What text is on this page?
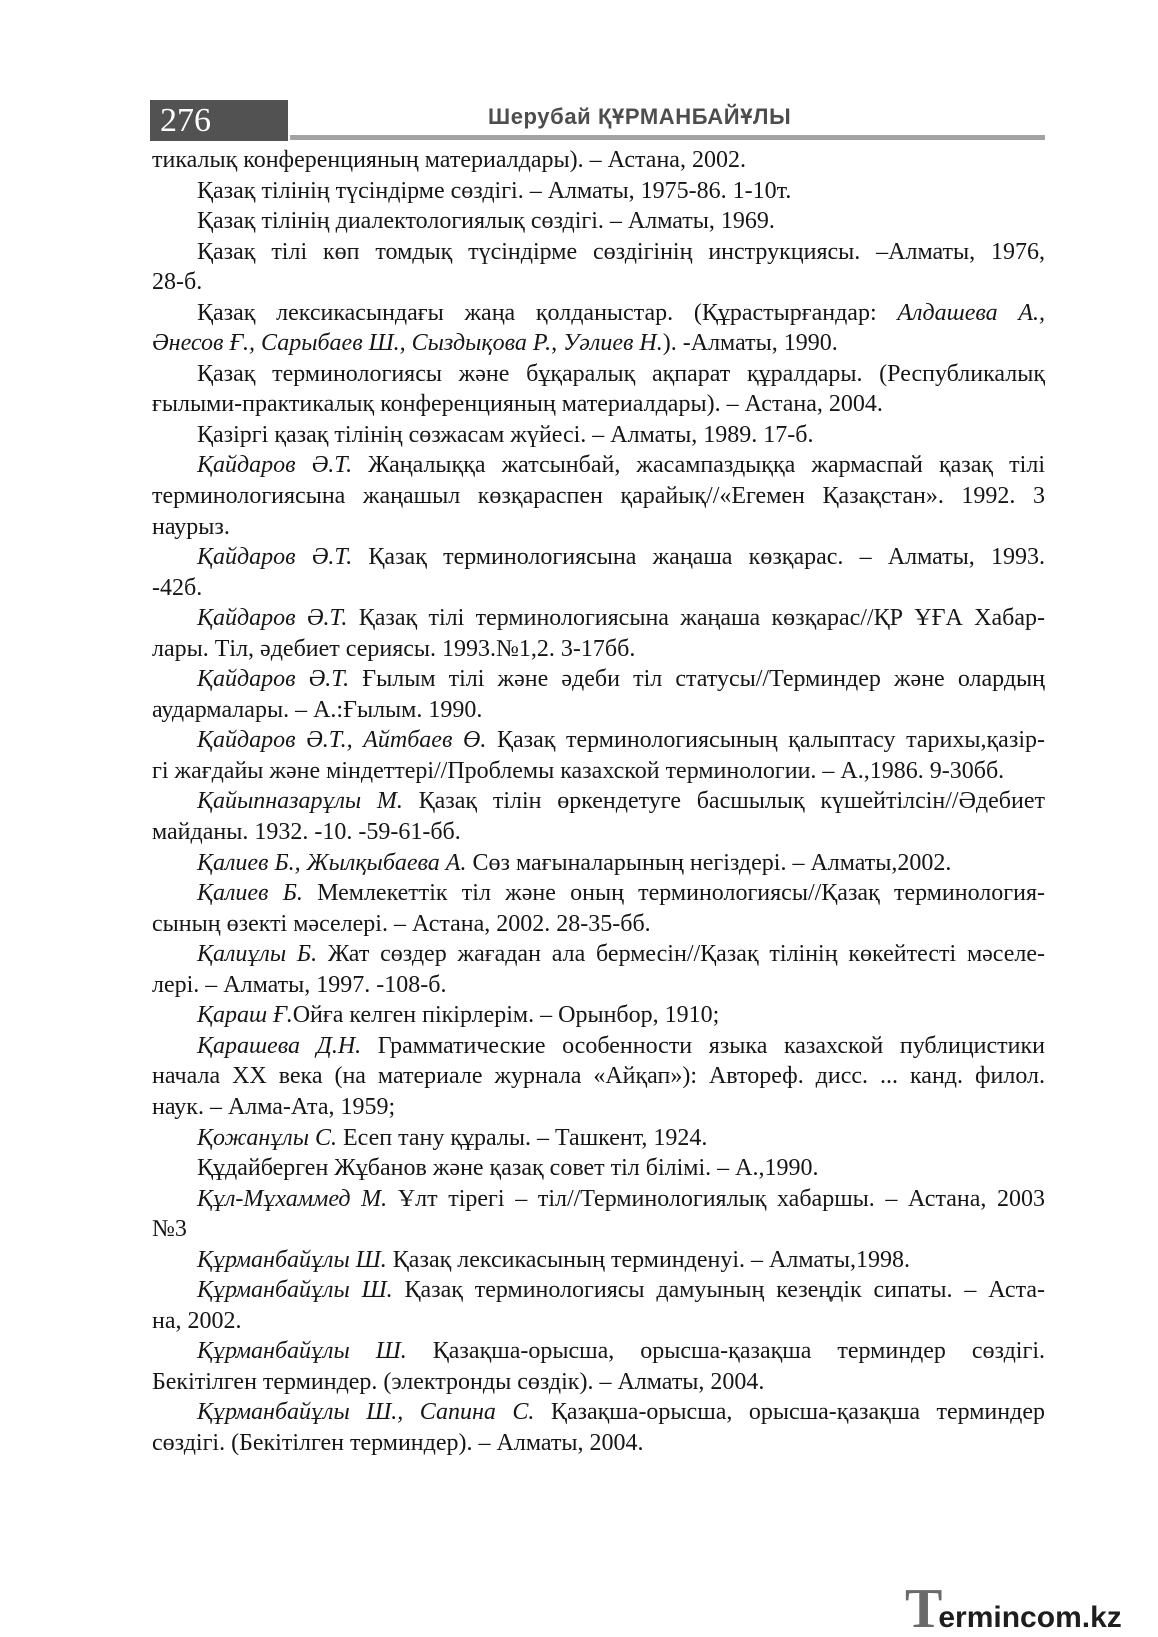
276	Шерубай ҚҰРМАНБАЙҰЛЫ
тикалық конференцияның материалдары). – Астана, 2002.
Қазақ тілінің түсіндірме сөздігі. – Алматы, 1975-86. 1-10т.
Қазақ тілінің диалектологиялық сөздігі. – Алматы, 1969.
Қазақ тілі көп томдық түсіндірме сөздігінің инструкциясы. –Алматы, 1976,
28-б.
Қазақ лексикасындағы жаңа қолданыстар. (Құрастырғандар: Алдашева А.,
Әнесов Ғ., Сарыбаев Ш., Сыздықова Р., Уәлиев Н.). -Алматы, 1990.
Қазақ терминологиясы және бұқаралық ақпарат құралдары. (Республикалық
ғылыми-практикалық конференцияның материалдары). – Астана, 2004.
Қазіргі қазақ тілінің сөзжасам жүйесі. – Алматы, 1989. 17-б.
Қайдаров Ә.Т. Жаңалыққа жатсынбай, жасампаздыққа жармаспай қазақ тілі
терминологиясына жаңашыл көзқараспен қарайық//«Егемен Қазақстан». 1992. 3
наурыз.
Қайдаров Ә.Т. Қазақ терминологиясына жаңаша көзқарас. – Алматы, 1993.
-42б.
Қайдаров Ә.Т. Қазақ тілі терминологиясына жаңаша көзқарас//ҚР ҰҒА Хабар-
лары. Тіл, әдебиет сериясы. 1993.№1,2. 3-17бб.
Қайдаров Ә.Т. Ғылым тілі және әдеби тіл статусы//Терминдер және олардың
аудармалары. – А.:Ғылым. 1990.
Қайдаров Ә.Т., Айтбаев Ө. Қазақ терминологиясының қалыптасу тарихы,қазір-
гі жағдайы және міндеттері//Проблемы казахской терминологии. – А.,1986. 9-30бб.
Қайыпназарұлы М. Қазақ тілін өркендетуге басшылық күшейтілсін//Әдебиет
майданы. 1932. -10. -59-61-бб.
Қалиев Б., Жылқыбаева А. Сөз мағыналарының негіздері. – Алматы,2002.
Қалиев Б. Мемлекеттік тіл және оның терминологиясы//Қазақ терминология-
сының өзекті мәселері. – Астана, 2002. 28-35-бб.
Қалиұлы Б. Жат сөздер жағадан ала бермесін//Қазақ тілінің көкейтесті мәселе-
лері. – Алматы, 1997. -108-б.
Қараш Ғ.Ойға келген пікірлерім. – Орынбор, 1910;
Қарашева Д.Н. Грамматические особенности языка казахской публицистики
начала XX века (на материале журнала «Айқап»): Автореф. дисс. ... канд. филол.
наук. – Алма-Ата, 1959;
Қожанұлы С. Есеп тану құралы. – Ташкент, 1924.
Құдайберген Жұбанов және қазақ совет тіл білімі. – А.,1990.
Құл-Мұхаммед М. Ұлт тірегі – тіл//Терминологиялық хабаршы. – Астана, 2003
№3
Құрманбайұлы Ш. Қазақ лексикасының терминденуі. – Алматы,1998.
Құрманбайұлы Ш. Қазақ терминологиясы дамуының кезеңдік сипаты. – Аста-
на, 2002.
Құрманбайұлы Ш. Қазақша-орысша, орысша-қазақша терминдер сөздігі.
Бекітілген терминдер. (электронды сөздік). – Алматы, 2004.
Құрманбайұлы Ш., Сапина С. Қазақша-орысша, орысша-қазақша терминдер
сөздігі. (Бекітілген терминдер). – Алматы, 2004.
Termincom.kz
